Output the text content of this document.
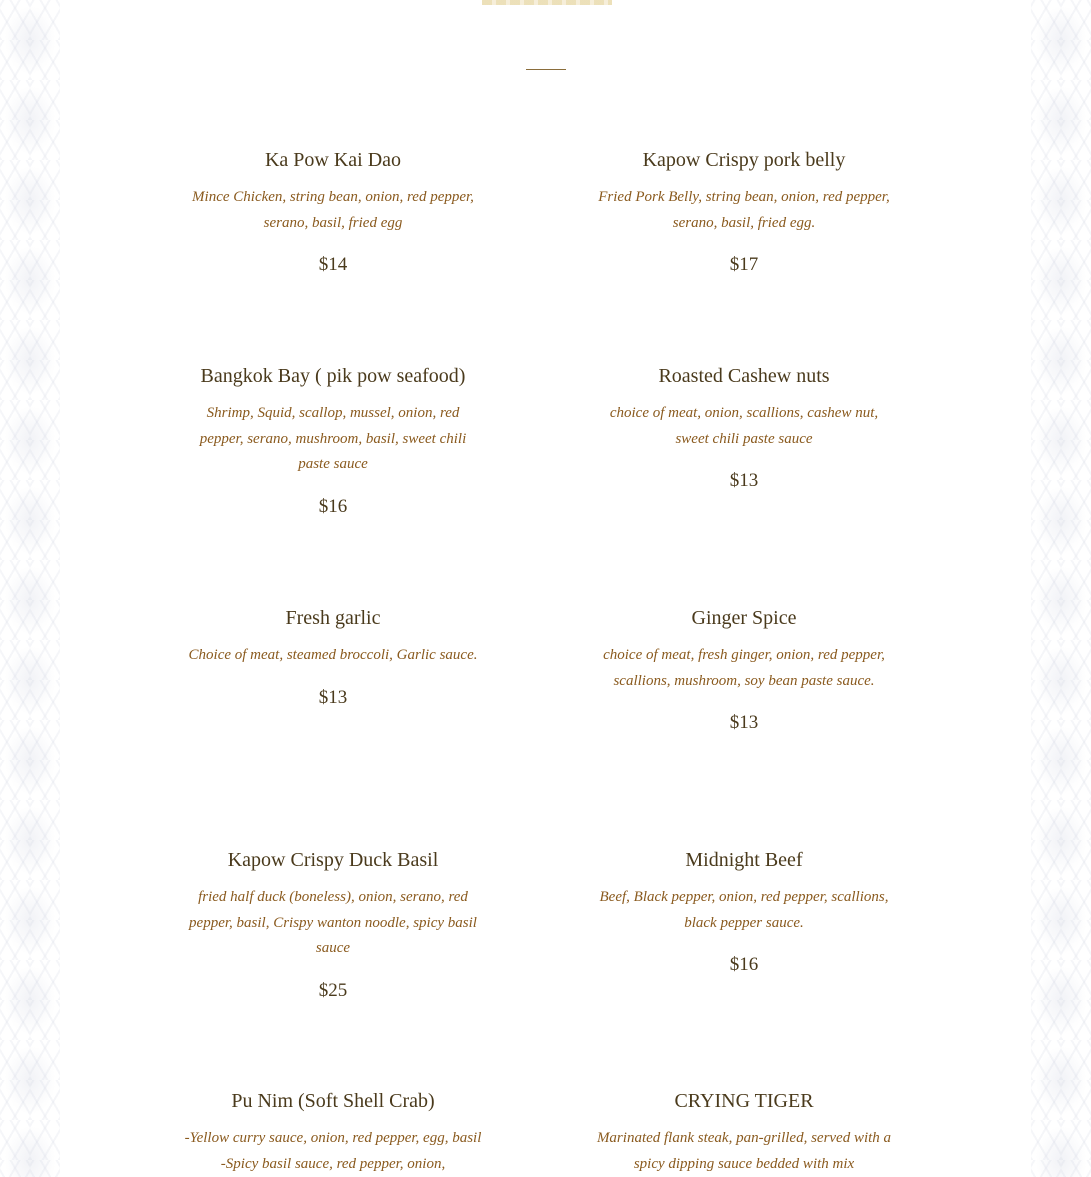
Ka Pow Kai Dao
Mince Chicken, string bean, onion, red pepper, serano, basil, fried egg
$14
Kapow Crispy pork belly
Fried Pork Belly, string bean, onion, red pepper, serano, basil, fried egg.
$17
Bangkok Bay ( pik pow seafood)
Shrimp, Squid, scallop, mussel, onion, red pepper, serano, mushroom, basil, sweet chili paste sauce
$16
Roasted Cashew nuts
choice of meat, onion, scallions, cashew nut, sweet chili paste sauce
$13
Fresh garlic
Choice of meat, steamed broccoli, Garlic sauce.
$13
Ginger Spice
choice of meat, fresh ginger, onion, red pepper, scallions, mushroom, soy bean paste sauce.
$13
Kapow Crispy Duck Basil
fried half duck (boneless), onion, serano, red pepper, basil, Crispy wanton noodle, spicy basil sauce
$25
Midnight Beef
Beef, Black pepper, onion, red pepper, scallions, black pepper sauce.
$16
Pu Nim (Soft Shell Crab)
-Yellow curry sauce, onion, red pepper, egg, basil -Spicy basil sauce, red pepper, onion,
CRYING TIGER
Marinated flank steak, pan-grilled, served with a spicy dipping sauce bedded with mix
